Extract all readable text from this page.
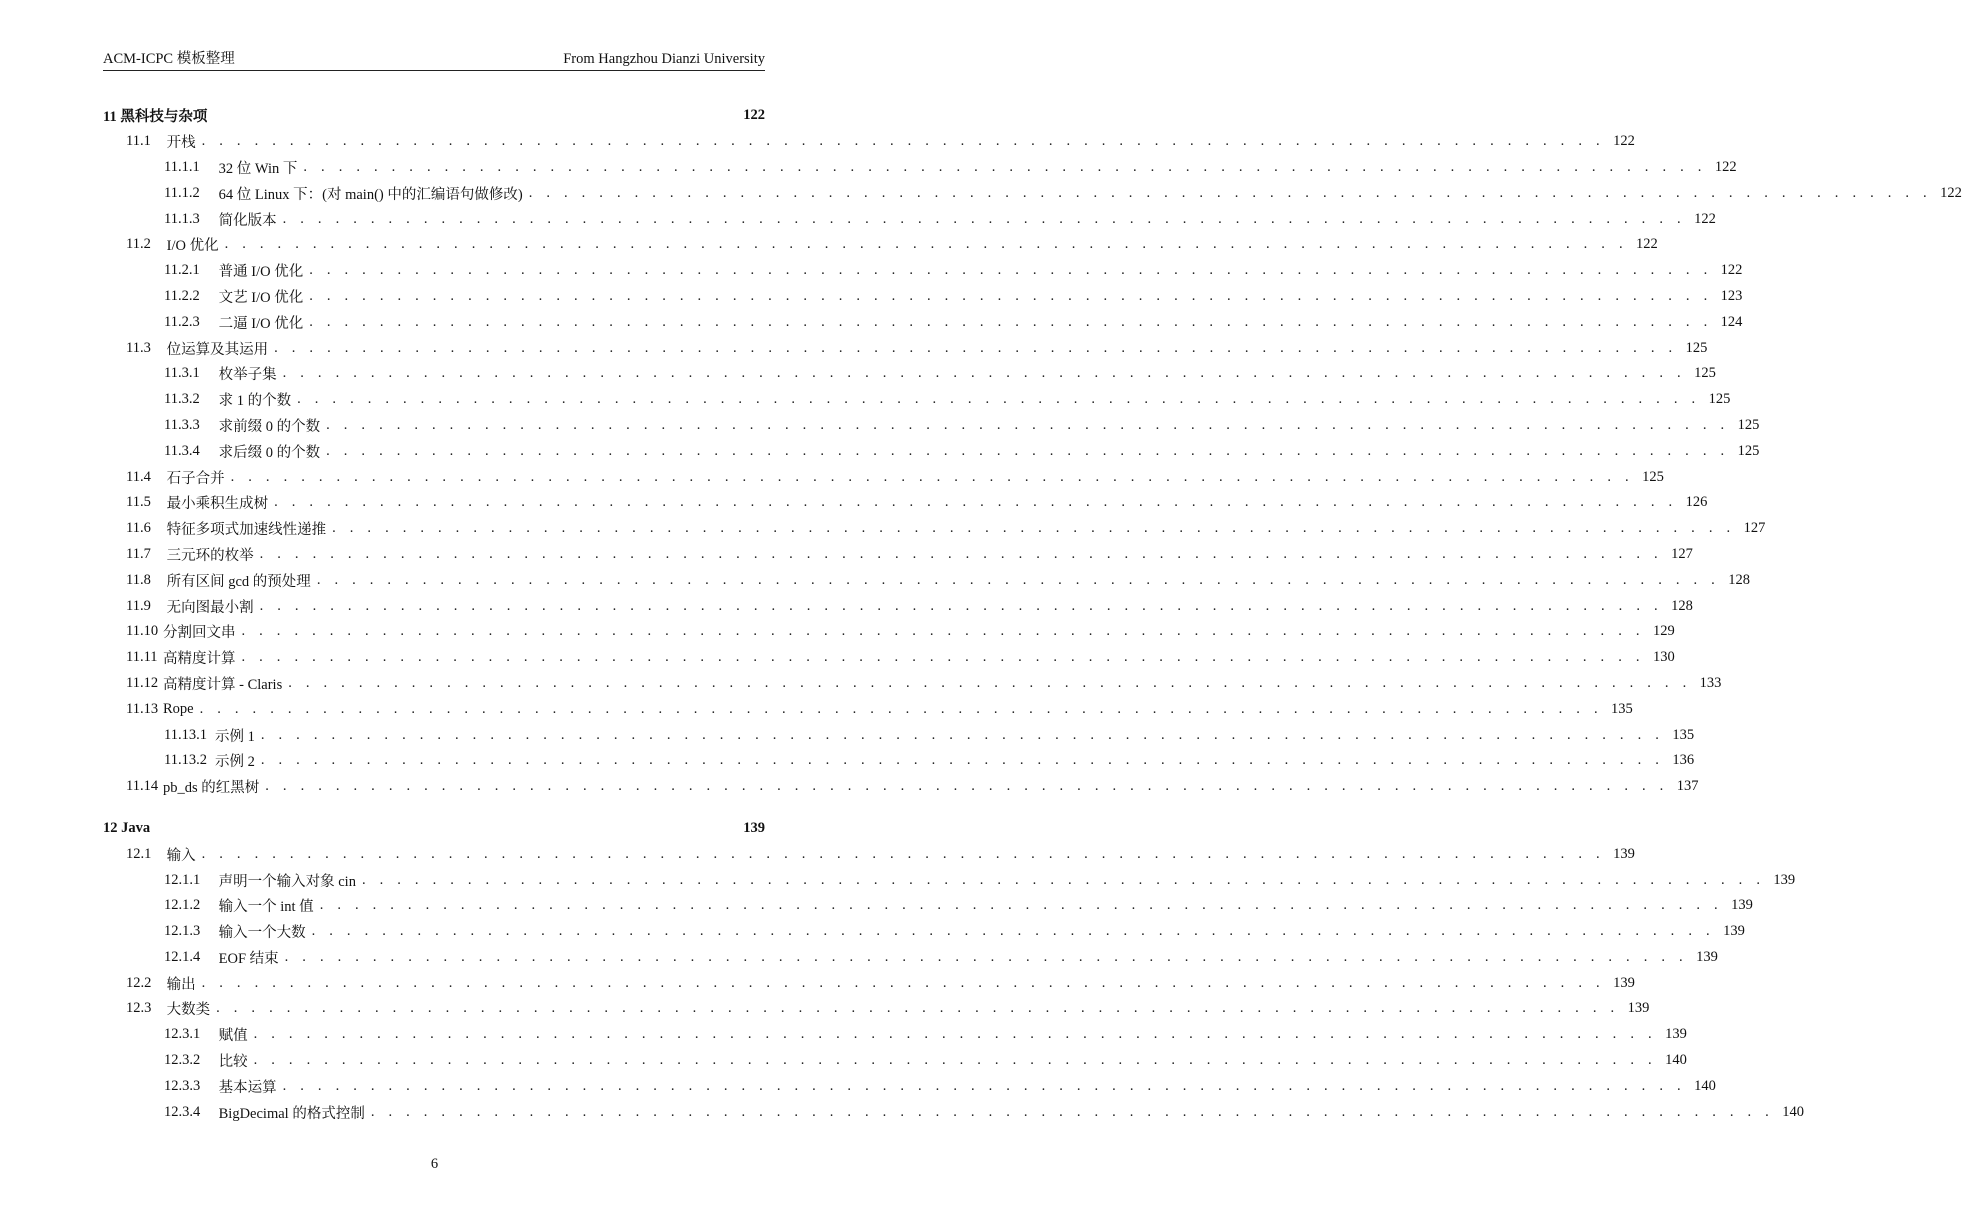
ACM-ICPC 模板整理	From Hangzhou Dianzi University
11 黑科技与杂项	122
11.1 开栈 . . . . . . . . . . . . . . . . . . . . . . . . . . . . . . . . . . . . . . . . . . . . . . . . . . . . . . . . . . . . . . . . . . . . . . . . . . . . . . . . 122
11.1.1	32 位 Win 下 . . . . . . . . . . . . . . . . . . . . . . . . . . . . . . . . . . . . . . . . . . . . . . . . . . . . . . . . . . . . . . . . . . . . . . . . . . . . . . . . 122
11.1.2	64 位 Linux 下：(对 main() 中的汇编语句做修改) . . . . . . . . . . . . . . . . . . . . . . . . . . . . . . . . . . . . . . . . . . . . . . . . . . . . . . . . . . . . . . . . . . . . . . . . . . . . . . . . 122
11.1.3	简化版本 . . . . . . . . . . . . . . . . . . . . . . . . . . . . . . . . . . . . . . . . . . . . . . . . . . . . . . . . . . . . . . . . . . . . . . . . . . . . . . . . 122
11.2 I/O 优化 . . . . . . . . . . . . . . . . . . . . . . . . . . . . . . . . . . . . . . . . . . . . . . . . . . . . . . . . . . . . . . . . . . . . . . . . . . . . . . . . 122
11.2.1	普通 I/O 优化 . . . . . . . . . . . . . . . . . . . . . . . . . . . . . . . . . . . . . . . . . . . . . . . . . . . . . . . . . . . . . . . . . . . . . . . . . . . . . . . . 122
11.2.2	文艺 I/O 优化 . . . . . . . . . . . . . . . . . . . . . . . . . . . . . . . . . . . . . . . . . . . . . . . . . . . . . . . . . . . . . . . . . . . . . . . . . . . . . . . . 123
11.2.3	二逼 I/O 优化 . . . . . . . . . . . . . . . . . . . . . . . . . . . . . . . . . . . . . . . . . . . . . . . . . . . . . . . . . . . . . . . . . . . . . . . . . . . . . . . . 124
11.3 位运算及其运用 . . . . . . . . . . . . . . . . . . . . . . . . . . . . . . . . . . . . . . . . . . . . . . . . . . . . . . . . . . . . . . . . . . . . . . . . . . . . . . . . 125
11.3.1	枚举子集 . . . . . . . . . . . . . . . . . . . . . . . . . . . . . . . . . . . . . . . . . . . . . . . . . . . . . . . . . . . . . . . . . . . . . . . . . . . . . . . . 125
11.3.2	求 1 的个数 . . . . . . . . . . . . . . . . . . . . . . . . . . . . . . . . . . . . . . . . . . . . . . . . . . . . . . . . . . . . . . . . . . . . . . . . . . . . . . . . 125
11.3.3	求前缀 0 的个数 . . . . . . . . . . . . . . . . . . . . . . . . . . . . . . . . . . . . . . . . . . . . . . . . . . . . . . . . . . . . . . . . . . . . . . . . . . . . . . . . 125
11.3.4	求后缀 0 的个数 . . . . . . . . . . . . . . . . . . . . . . . . . . . . . . . . . . . . . . . . . . . . . . . . . . . . . . . . . . . . . . . . . . . . . . . . . . . . . . . . 125
11.4 石子合并 . . . . . . . . . . . . . . . . . . . . . . . . . . . . . . . . . . . . . . . . . . . . . . . . . . . . . . . . . . . . . . . . . . . . . . . . . . . . . . . . 125
11.5 最小乘积生成树 . . . . . . . . . . . . . . . . . . . . . . . . . . . . . . . . . . . . . . . . . . . . . . . . . . . . . . . . . . . . . . . . . . . . . . . . . . . . . . . . 126
11.6 特征多项式加速线性递推 . . . . . . . . . . . . . . . . . . . . . . . . . . . . . . . . . . . . . . . . . . . . . . . . . . . . . . . . . . . . . . . . . . . . . . . . . . . . . . . . 127
11.7 三元环的枚举 . . . . . . . . . . . . . . . . . . . . . . . . . . . . . . . . . . . . . . . . . . . . . . . . . . . . . . . . . . . . . . . . . . . . . . . . . . . . . . . . 127
11.8 所有区间 gcd 的预处理 . . . . . . . . . . . . . . . . . . . . . . . . . . . . . . . . . . . . . . . . . . . . . . . . . . . . . . . . . . . . . . . . . . . . . . . . . . . . . . . . 128
11.9 无向图最小割 . . . . . . . . . . . . . . . . . . . . . . . . . . . . . . . . . . . . . . . . . . . . . . . . . . . . . . . . . . . . . . . . . . . . . . . . . . . . . . . . 128
11.10 分割回文串 . . . . . . . . . . . . . . . . . . . . . . . . . . . . . . . . . . . . . . . . . . . . . . . . . . . . . . . . . . . . . . . . . . . . . . . . . . . . . . . . 129
11.11 高精度计算 . . . . . . . . . . . . . . . . . . . . . . . . . . . . . . . . . . . . . . . . . . . . . . . . . . . . . . . . . . . . . . . . . . . . . . . . . . . . . . . . 130
11.12 高精度计算 - Claris . . . . . . . . . . . . . . . . . . . . . . . . . . . . . . . . . . . . . . . . . . . . . . . . . . . . . . . . . . . . . . . . . . . . . . . . . . . . . . . . 133
11.13 Rope . . . . . . . . . . . . . . . . . . . . . . . . . . . . . . . . . . . . . . . . . . . . . . . . . . . . . . . . . . . . . . . . . . . . . . . . . . . . . . . . 135
11.13.1 示例 1 . . . . . . . . . . . . . . . . . . . . . . . . . . . . . . . . . . . . . . . . . . . . . . . . . . . . . . . . . . . . . . . . . . . . . . . . . . . . . . . . 135
11.13.2 示例 2 . . . . . . . . . . . . . . . . . . . . . . . . . . . . . . . . . . . . . . . . . . . . . . . . . . . . . . . . . . . . . . . . . . . . . . . . . . . . . . . . 136
11.14 pb_ds 的红黑树 . . . . . . . . . . . . . . . . . . . . . . . . . . . . . . . . . . . . . . . . . . . . . . . . . . . . . . . . . . . . . . . . . . . . . . . . . . . . . . . . 137
12 Java	139
12.1 输入 . . . . . . . . . . . . . . . . . . . . . . . . . . . . . . . . . . . . . . . . . . . . . . . . . . . . . . . . . . . . . . . . . . . . . . . . . . . . . . . . 139
12.1.1	声明一个输入对象 cin . . . . . . . . . . . . . . . . . . . . . . . . . . . . . . . . . . . . . . . . . . . . . . . . . . . . . . . . . . . . . . . . . . . . . . . . . . . . . . . . 139
12.1.2	输入一个 int 值 . . . . . . . . . . . . . . . . . . . . . . . . . . . . . . . . . . . . . . . . . . . . . . . . . . . . . . . . . . . . . . . . . . . . . . . . . . . . . . . . 139
12.1.3	输入一个大数 . . . . . . . . . . . . . . . . . . . . . . . . . . . . . . . . . . . . . . . . . . . . . . . . . . . . . . . . . . . . . . . . . . . . . . . . . . . . . . . . 139
12.1.4	EOF 结束 . . . . . . . . . . . . . . . . . . . . . . . . . . . . . . . . . . . . . . . . . . . . . . . . . . . . . . . . . . . . . . . . . . . . . . . . . . . . . . . . 139
12.2 输出 . . . . . . . . . . . . . . . . . . . . . . . . . . . . . . . . . . . . . . . . . . . . . . . . . . . . . . . . . . . . . . . . . . . . . . . . . . . . . . . . 139
12.3 大数类 . . . . . . . . . . . . . . . . . . . . . . . . . . . . . . . . . . . . . . . . . . . . . . . . . . . . . . . . . . . . . . . . . . . . . . . . . . . . . . . . 139
12.3.1	赋值 . . . . . . . . . . . . . . . . . . . . . . . . . . . . . . . . . . . . . . . . . . . . . . . . . . . . . . . . . . . . . . . . . . . . . . . . . . . . . . . . 139
12.3.2	比较 . . . . . . . . . . . . . . . . . . . . . . . . . . . . . . . . . . . . . . . . . . . . . . . . . . . . . . . . . . . . . . . . . . . . . . . . . . . . . . . . 140
12.3.3	基本运算 . . . . . . . . . . . . . . . . . . . . . . . . . . . . . . . . . . . . . . . . . . . . . . . . . . . . . . . . . . . . . . . . . . . . . . . . . . . . . . . . 140
12.3.4	BigDecimal 的格式控制 . . . . . . . . . . . . . . . . . . . . . . . . . . . . . . . . . . . . . . . . . . . . . . . . . . . . . . . . . . . . . . . . . . . . . . . . . . . . . . . . 140
6
